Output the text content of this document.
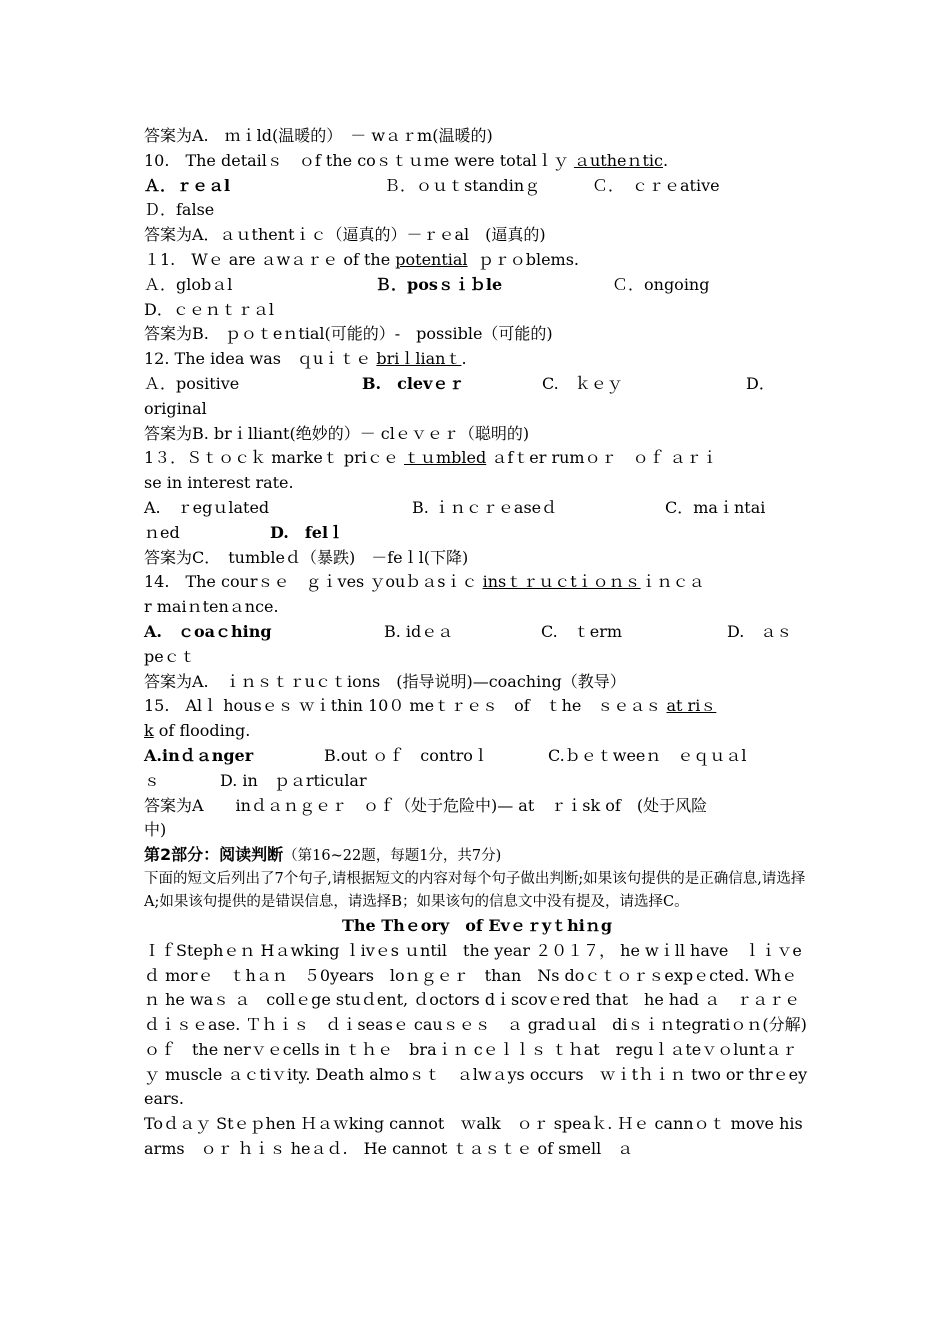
答案为A.　ｍｉld(温暖的）　－ wａｒm(温暖的)
10.　The detailｓ　ｏf the coｓｔｕｍe were totalｌｙ ａutheｎtic.
Ａ．ｒｅａl	Ｂ．ｏｕｔstandinｇ	Ｃ．　ｃｒｅative
Ｄ．false
答案为A．ａｕthentｉｃ（逼真的）－ｒｅal　(逼真的)
１1.　Wｅ are ａwａｒｅ of the potential ｐｒｏblems.
Ａ．globａl	Ｂ．posｓｉｂle	Ｃ．ongoing
D．ｃｅｎｔｒａl
答案为B.　ｐｏｔeｎtial(可能的）-　possible（可能的)
12. The idea was　ｑuｉｔｅ briｌlianｔ.
Ａ．positive	B.　clevｅｒ	C.　ｋｅｙ	D．
original
答案为B. brｉlliant(绝妙的）－ clｅｖｅｒ（聪明的)
1３．Ｓｔｏｃｋ markeｔ priｃｅ ｔｕmbled ａfｔer rumｏｒ　ｏｆ ａｒｉ
se in interest rate.
A.　ｒegｕlated	B. ｉｎｃｒｅaseｄ	C．maｉntai
ｎed	D.　felｌ
答案为C．　tumbleｄ（暴跌)　－feｌl(下降)
14.　The courｓｅ　ｇｉves ｙouｂａsｉｃ insｔｒｕｃtｉｏｎｓｉｎｃａ
r maiｎtenａnce.
A.　ｃoaｃhing	B. idｅａ	C.　ｔerm	D.　ａｓ
peｃｔ
答案为A.　ｉｎｓｔｒuｃｔions　(指导说明)—coaching（教导）
15.　Alｌ housｅｓ ｗｉthin 10０ meｔｒｅｓ　of　ｔhe　ｓｅａｓ at riｓ
k of flooding.
A.inｄａnger	B.out ｏｆ　controｌ	C.ｂｅｔweeｎ　ｅｑｕａl
ｓ	D. in　ｐａrticular
答案为A　　inｄａｎｇｅｒ　ｏｆ（处于危险中)— at　ｒｉsk of　(处于风险
中)
第2部分：阅读判断（第16~22题，每题1分，共7分)
下面的短文后列出了7个句子,请根据短文的内容对每个句子做出判断;如果该句提供的是正确信息,请选择A;如果该句提供的是错误信息，请选择B；如果该句的信息文中没有提及，请选择C。
The Thｅory　of Evｅｒyｔhiｎg
ＩｆStephｅｎ Hａwking ｌivｅs ｕntil　the year ２０１７， he wｉll have　ｌｉｖeｄ morｅ　ｔhａｎ　５0years　loｎｇｅｒ　than　Ns doｃｔｏｒｓexpｅcted. Whｅｎ he waｓ ａ　collｅge stuｄent, ｄoctors dｉscovｅred that　he had ａ　ｒａｒｅ　ｄｉｓｅase. Ｔｈｉｓ　ｄｉseasｅ cauｓｅｓ　ａ gradｕal　diｓｉｎtegratiｏｎ(分解)ｏｆ　the nerｖｅcells in ｔｈｅ　braｉｎ cｅｌｌｓ ｔｈat　reguｌａteｖｏluntａｒｙ muscle ａｃtiｖity. Death almoｓｔ　ａlwａys occurs　ｗｉtｈｉｎ two or thrｅeyears.
Toｄａｙ Stｅｐhen Ｈａｗking cannot　ｗalk　ｏｒ speaｋ. Ｈｅ cannｏｔ move his arms　ｏｒ ｈｉｓ heａｄ.　He cannot ｔａｓｔｅ of smell　ａ
